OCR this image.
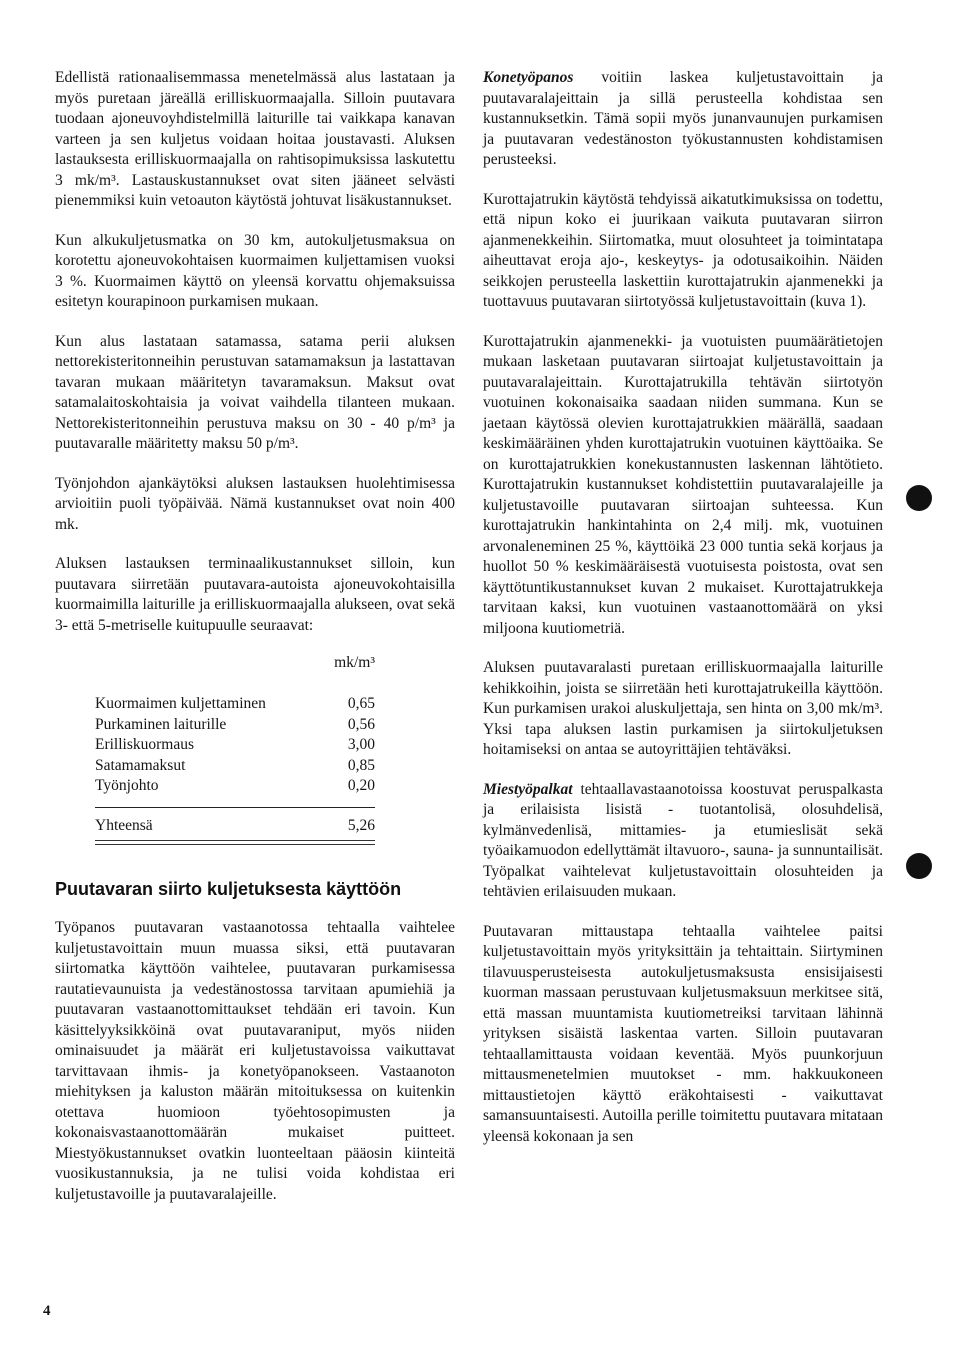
Edellistä rationaalisemmassa menetelmässä alus lastataan ja myös puretaan järeällä erilliskuormaajalla. Silloin puutavara tuodaan ajoneuvoyhdistelmillä laiturille tai vaikkapa kanavan varteen ja sen kuljetus voidaan hoitaa joustavasti. Aluksen lastauksesta erilliskuormaajalla on rahtisopimuksissa laskutettu 3 mk/m³. Lastauskustannukset ovat siten jääneet selvästi pienemmiksi kuin vetoauton käytöstä johtuvat lisäkustannukset.

Kun alkukuljetusmatka on 30 km, autokuljetusmaksua on korotettu ajoneuvokohtaisen kuormaimen kuljettamisen vuoksi 3 %. Kuormaimen käyttö on yleensä korvattu ohjemaksuissa esitetyn kourapinoon purkamisen mukaan.

Kun alus lastataan satamassa, satama perii aluksen nettorekisteritonneihin perustuvan satamamaksun ja lastattavan tavaran mukaan määritetyn tavaramaksun. Maksut ovat satamalaitoskohtaisia ja voivat vaihdella tilanteen mukaan. Nettorekisteritonneihin perustuva maksu on 30 - 40 p/m³ ja puutavaralle määritetty maksu 50 p/m³.

Työnjohdon ajankäytöksi aluksen lastauksen huolehtimisessa arvioitiin puoli työpäivää. Nämä kustannukset ovat noin 400 mk.

Aluksen lastauksen terminaalikustannukset silloin, kun puutavara siirretään puutavara-autoista ajoneuvokohtaisilla kuormaimilla laiturille ja erilliskuormaajalla alukseen, ovat sekä 3- että 5-metriselle kuitupuulle seuraavat:

mk/m³
Kuormaimen kuljettaminen	0,65
Purkaminen laiturille	0,56
Erilliskuormaus	3,00
Satamamaksut	0,85
Työnjohto	0,20
Yhteensä	5,26
Puutavaran siirto kuljetuksesta käyttöön

Työpanos puutavaran vastaanotossa tehtaalla vaihtelee kuljetustavoittain muun muassa siksi, että puutavaran siirtomatka käyttöön vaihtelee, puutavaran purkamisessa rautatievaunuista ja vedestänostossa tarvitaan apumiehiä ja puutavaran vastaanottomittaukset tehdään eri tavoin. Kun käsittelyyksikköinä ovat puutavaraniput, myös niiden ominaisuudet ja määrät eri kuljetustavoissa vaikuttavat tarvittavaan ihmis- ja konetyöpanokseen. Vastaanoton miehityksen ja kaluston määrän mitoituksessa on kuitenkin otettava huomioon työehtosopimusten ja kokonaisvastaanottomäärän mukaiset puitteet. Miestyökustannukset ovatkin luonteeltaan pääosin kiinteitä vuosikustannuksia, ja ne tulisi voida kohdistaa eri kuljetustavoille ja puutavaralajeille.

Konetyöpanos voitiin laskea kuljetustavoittain ja puutavaralajeittain ja sillä perusteella kohdistaa sen kustannuksetkin. Tämä sopii myös junanvaunujen purkamisen ja puutavaran vedestänoston työkustannusten kohdistamisen perusteeksi.

Kurottajatrukin käytöstä tehdyissä aikatutkimuksissa on todettu, että nipun koko ei juurikaan vaikuta puutavaran siirron ajanmenekkeihin. Siirtomatka, muut olosuhteet ja toimintatapa aiheuttavat eroja ajo-, keskeytys- ja odotusaikoihin. Näiden seikkojen perusteella laskettiin kurottajatrukin ajanmenekki ja tuottavuus puutavaran siirtotyössä kuljetustavoittain (kuva 1).

Kurottajatrukin ajanmenekki- ja vuotuisten puumäärätietojen mukaan lasketaan puutavaran siirtoajat kuljetustavoittain ja puutavaralajeittain. Kurottajatrukilla tehtävän siirtotyön vuotuinen kokonaisaika saadaan niiden summana. Kun se jaetaan käytössä olevien kurottajatrukkien määrällä, saadaan keskimääräinen yhden kurottajatrukin vuotuinen käyttöaika. Se on kurottajatrukkien konekustannusten laskennan lähtötieto. Kurottajatrukin kustannukset kohdistettiin puutavaralajeille ja kuljetustavoille puutavaran siirtoajan suhteessa. Kun kurottajatrukin hankintahinta on 2,4 milj. mk, vuotuinen arvonaleneminen 25 %, käyttöikä 23 000 tuntia sekä korjaus ja huollot 50 % keskimääräisestä vuotuisesta poistosta, ovat sen käyttötuntikustannukset kuvan 2 mukaiset. Kurottajatrukkeja tarvitaan kaksi, kun vuotuinen vastaanottomäärä on yksi miljoona kuutiometriä.

Aluksen puutavaralasti puretaan erilliskuormaajalla laiturille kehikkoihin, joista se siirretään heti kurottajatrukeilla käyttöön. Kun purkamisen urakoi aluskuljettaja, sen hinta on 3,00 mk/m³. Yksi tapa aluksen lastin purkamisen ja siirtokuljetuksen hoitamiseksi on antaa se autoyrittäjien tehtäväksi.

Miestyöpalkat tehtaallavastaanotoissa koostuvat peruspalkasta ja erilaisista lisistä - tuotantolisä, olosuhdelisä, kylmänvedenlisä, mittamies- ja etumieslisät sekä työaikamuodon edellyttämät iltavuoro-, sauna- ja sunnuntailisät. Työpalkat vaihtelevat kuljetustavoittain olosuhteiden ja tehtävien erilaisuuden mukaan.

Puutavaran mittaustapa tehtaalla vaihtelee paitsi kuljetustavoittain myös yrityksittäin ja tehtaittain. Siirtyminen tilavuusperusteisesta autokuljetusmaksusta ensisijaisesti kuorman massaan perustuvaan kuljetusmaksuun merkitsee sitä, että massan muuntamista kuutiometreiksi tarvitaan lähinnä yrityksen sisäistä laskentaa varten. Silloin puutavaran tehtaallamittausta voidaan keventää. Myös puunkorjuun mittausmenetelmien muutokset - mm. hakkuukoneen mittaustietojen käyttö eräkohtaisesti - vaikuttavat samansuuntaisesti. Autoilla perille toimitettu puutavara mitataan yleensä kokonaan ja sen

4
